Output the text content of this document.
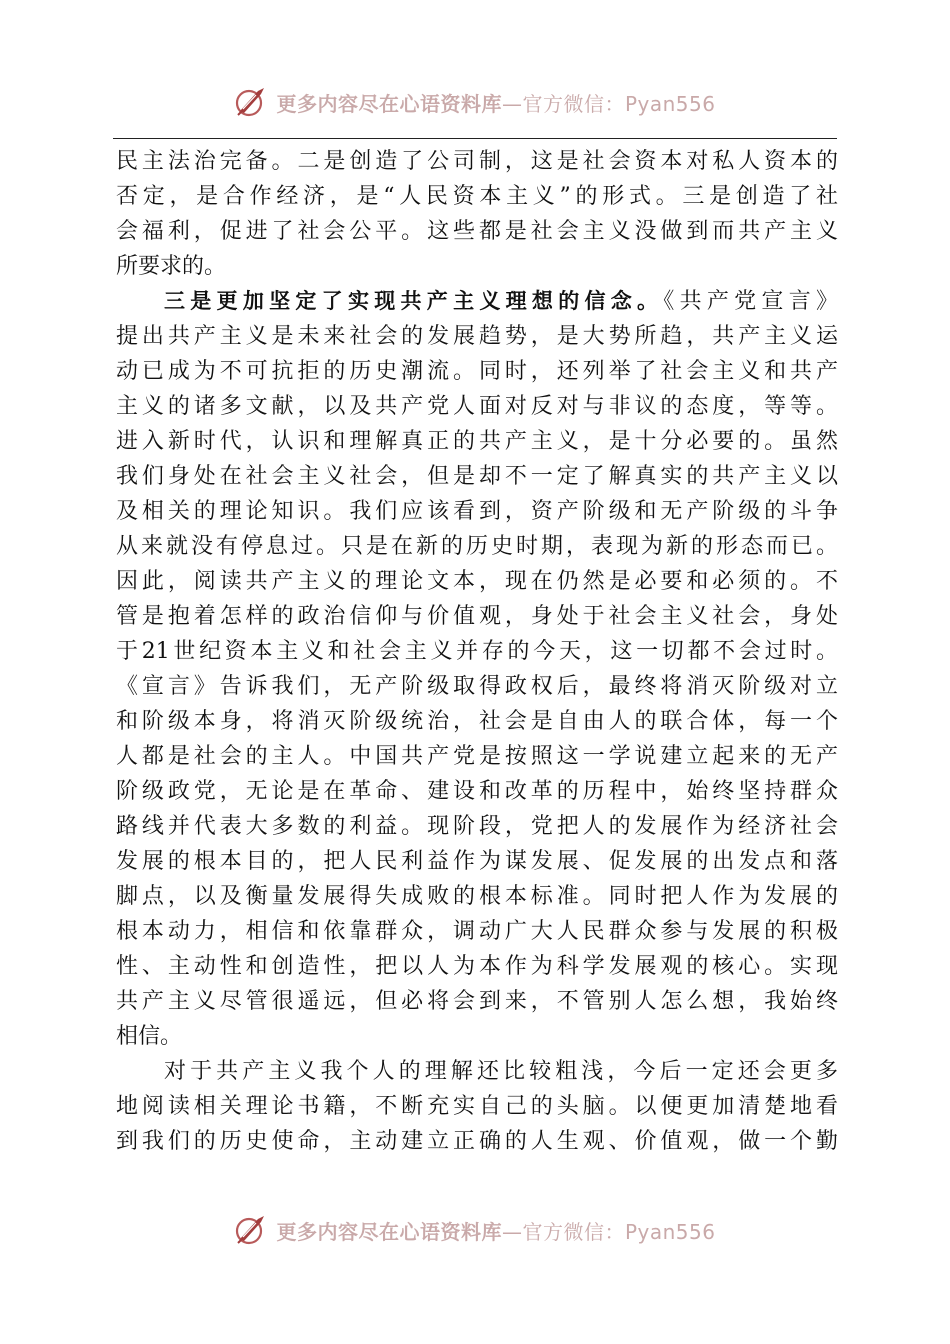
更多内容尽在心语资料库—官方微信：Pyan556
民主法治完备。二是创造了公司制，这是社会资本对私人资本的
否定，是合作经济，是“人民资本主义”的形式。三是创造了社
会福利，促进了社会公平。这些都是社会主义没做到而共产主义
所要求的。
三是更加坚定了实现共产主义理想的信念。《共产党宣言》
提出共产主义是未来社会的发展趋势，是大势所趋，共产主义运
动已成为不可抗拒的历史潮流。同时，还列举了社会主义和共产
主义的诸多文献，以及共产党人面对反对与非议的态度，等等。
进入新时代，认识和理解真正的共产主义，是十分必要的。虽然
我们身处在社会主义社会，但是却不一定了解真实的共产主义以
及相关的理论知识。我们应该看到，资产阶级和无产阶级的斗争
从来就没有停息过。只是在新的历史时期，表现为新的形态而已。
因此，阅读共产主义的理论文本，现在仍然是必要和必须的。不
管是抱着怎样的政治信仰与价值观，身处于社会主义社会，身处
于21世纪资本主义和社会主义并存的今天，这一切都不会过时。
《宣言》告诉我们，无产阶级取得政权后，最终将消灭阶级对立
和阶级本身，将消灭阶级统治，社会是自由人的联合体，每一个
人都是社会的主人。中国共产党是按照这一学说建立起来的无产
阶级政党，无论是在革命、建设和改革的历程中，始终坚持群众
路线并代表大多数的利益。现阶段，党把人的发展作为经济社会
发展的根本目的，把人民利益作为谋发展、促发展的出发点和落
脚点，以及衡量发展得失成败的根本标准。同时把人作为发展的
根本动力，相信和依靠群众，调动广大人民群众参与发展的积极
性、主动性和创造性，把以人为本作为科学发展观的核心。实现
共产主义尽管很遥远，但必将会到来，不管别人怎么想，我始终
相信。
对于共产主义我个人的理解还比较粗浅，今后一定还会更多
地阅读相关理论书籍，不断充实自己的头脑。以便更加清楚地看
到我们的历史使命，主动建立正确的人生观、价值观，做一个勤
更多内容尽在心语资料库—官方微信：Pyan556
